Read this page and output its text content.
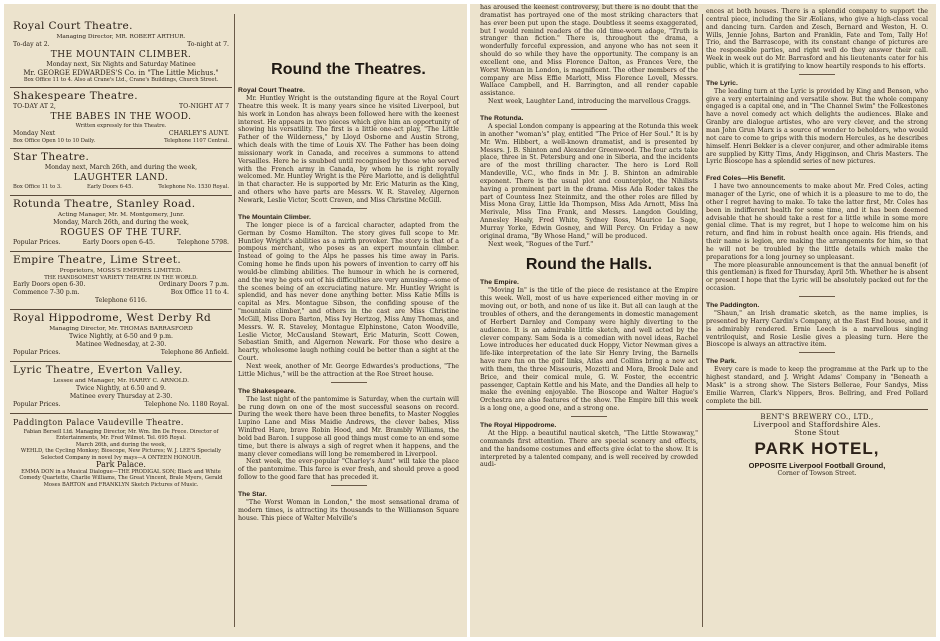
Royal Court Theatre.
Managing Director, MR. ROBERT ARTHUR.
To-day at 2.	To-night at 7.
THE MOUNTAIN CLIMBER.
Monday next, Six Nights and Saturday Matinee
Mr. GEORGE EDWARDES'S Co. in "The Little Michus."
Box Office 11 to 4. Also at Crane's Ltd., Crane's Buildings, Church Street.
Shakespeare Theatre.
TO-DAY AT 2,	TO-NIGHT AT 7
THE BABES IN THE WOOD.
Written expressly for this Theatre.
Monday Next	CHARLEY'S AUNT.
Box Office Open 10 to 10 Daily.	Telephone 1107 Central.
Star Theatre.
Monday next, March 26th, and during the week,
LAUGHTER LAND.
Box Office 11 to 3.	Early Doors 6-45.	Telephone No. 1530 Royal.
Rotunda Theatre, Stanley Road.
Acting Manager, Mr. M. Montgomery, Junr.
Monday, March 26th, and during the week,
ROGUES OF THE TURF.
Popular Prices.	Early Doors open 6-45.	Telephone 5798.
Empire Theatre, Lime Street.
Proprietors, MOSS'S EMPIRES LIMITED.
THE HANDSOMEST VARIETY THEATRE IN THE WORLD.
Early Doors open 6-30.	Ordinary Doors 7 p.m.
Commence 7-30 p.m.	Box Office 11 to 4.
Telephone 6116.
Royal Hippodrome, West Derby Rd
Managing Director, Mr. THOMAS BARRASFORD
Twice Nightly, at 6-50 and 9 p.m.
Matinee Wednesday, at 2-30.
Popular Prices.	Telephone 86 Anfield.
Lyric Theatre, Everton Valley.
Lessee and Manager, Mr. HARRY C. ARNOLD.
Twice Nightly, at 6.50 and 9.
Matinee every Thursday at 2-30.
Popular Prices.	Telephone No. 1180 Royal.
Paddington Palace Vaudeville Theatre.
Fabian Bersell Ltd. Managing Director, Mr. Wm. Ibn De Frece. Director of Entertainments, Mr. Fred Wilmot. Tel. 695 Royal.
March 26th, and during the week,
WEHLD, the Cycling Monkey; Bioscope, New Pictures; W. J. LEE'S Specially Selected Company in novel Ivy mays—A ONTEEN HONOUR.
Park Palace.
EMMA DON in a Musical Dialogue—THE PRODIGAL SON; Black and White Comedy Quartette, Charlie Williams, The Great Vincent, Brale Myers, Gerald Moses BARTON and FRANKLYN Sketch Pictures of Music.
Round the Theatres.
Royal Court Theatre.

Mr. Huntley Wright is the outstanding figure at the Royal Court Theatre this week. It is many years since he visited Liverpool, but his work in London has always been followed here with the keenest interest. He appears in two pieces which give him an opportunity of showing his versatility. The first is a little one-act play, "The Little Father of the Wilderness," by Lloyd Osborne and Austin Strong, which deals with the time of Louis XV. The Father has been doing missionary work in Canada, and receives a summons to attend Versailles. Here he is snubbed until recognised by those who served with the French army in Canada, by whom he is right royally welcomed. Mr. Huntley Wright is the Père Marlotte, and is delightful in that character. He is supported by Mr. Eric Maturin as the King, and others who have parts are Messrs. W. R. Staveley, Algernon Newark, Leslie Victor, Scott Craven, and Miss Christine McGill.

The Mountain Climber.

The longer piece is of a farcical character, adapted from the German by Cosmo Hamilton. The story gives full scope to Mr. Huntley Wright's abilities as a mirth provoker. The story is that of a pompous merchant, who poses as an expert mountain climber. Instead of going to the Alps he passes his time away in Paris. Coming home he finds upon his powers of invention to carry off his would-be climbing abilities. The humour in which he is cornered, and the way he gets out of his difficulties are very amusing—some of the scenes being of an excruciating nature. Mr. Huntley Wright is splendid, and has never done anything better. Miss Katie Mills is capital as Mrs. Montague Sibson, the confiding spouse of the "mountain climber," and others in the cast are Miss Christine McGill, Miss Dora Barton, Miss Ivy Hertzog, Miss Amy Thomas, and Messrs. W. R. Staveley, Montague Elphinstone, Caton Woodville, Leslie Victor, McCausland Stewart, Eric Maturin, Scott Cowen, Sebastian Smith, and Algernon Newark. For those who desire a hearty, wholesome laugh nothing could be better than a sight at the Court.

Next week, another of Mr. George Edwardes's productions, "The Little Michus," will be the attraction at the Roe Street house.

The Shakespeare.

The last night of the pantomime is Saturday, when the curtain will be rung down on one of the most successful seasons on record. During the week there have been three benefits, to Master Noggles Lupino Lane and Miss Maidie Andrews, the clever babes, Miss Winifred Hare, brave Robin Hood, and Mr. Brambly Williams, the bold bad Baron. I suppose all good things must come to an end some time, but there is always a sigh of regret when it happens, and the many clever comedians will long be remembered in Liverpool.

Next week, the ever-popular "Charley's Aunt" will take the place of the pantomime. This farce is ever fresh, and should prove a good follow to the good fare that has preceded it.

The Star.

"The Worst Woman in London," the most sensational drama of modern times, is attracting its thousands to the Williamson Square house. This piece of Walter Melville's

has aroused the keenest controversy, but there is no doubt that the dramatist has portrayed one of the most striking characters that has ever been put upon the stage. Doubtless it seems exaggerated, but I would remind readers of the old time-worn adage, "Truth is stranger than fiction." There is, throughout the drama, a wonderfully forceful expression, and anyone who has not seen it should do so while they have the opportunity. The company is an excellent one, and Miss Florence Dalton, as Frances Vere, the Worst Woman in London, is magnificent. The other members of the company are Miss Effie Marlott, Miss Florence Lovell, Messrs. Wallace Campbell, and H. Barrington, and all render capable assistance.

Next week, Laughter Land, introducing the marvellous Craggs.

The Rotunda.

A special London company is appearing at the Rotunda this week in another "woman's" play, entitled "The Price of Her Soul." It is by Mr. Wm. Hibbert, a well-known dramatist, and is presented by Messrs. J. B. Shinton and Alexander Greenwood. The four acts take place, three in St. Petersburg and one in Siberia, and the incidents are of the most thrilling character. The hero is Lord Roll Mandeville, V.C., who finds in Mr. J. B. Shinton an admirable exponent. There is the usual plot and counterplot, the Nihilists having a prominent part in the drama. Miss Ada Roder takes the part of Countess Inez Steinmitz, and the other roles are filled by Miss Mona Gray, Little Ida Thompson, Miss Ada Arnott, Miss Ina Merivale, Miss Tina Frank, and Messrs. Langdon Goulding, Annesley Healy, Fred White, Sydney Ross, Maurice Le Sage, Murray Yorke, Edwin Gosney, and Will Percy. On Friday a new original drama, "By Whose Hand," will be produced.

Next week, "Rogues of the Turf."

Round the Halls.
The Empire.

"Moving In" is the title of the piece de resistance at the Empire this week. Well, most of us have experienced either moving in or moving out, or both, and none of us like it. But all can laugh at the troubles of others, and the derangements in domestic management of Herbert Darnley and Company were highly diverting to the audience. It is an admirable little sketch, and well acted by the clever company. Sam Soda is a comedian with novel ideas, Rachel Lowe introduces her educated duck Hoppy, Victor Newman gives a life-like interpretation of the late Sir Henry Irving, the Barnells have rare fun on the golf links, Atlas and Collins bring a new act with them, the three Missouris, Mozetti and Mora, Brook Dale and Brice, and their comical mule, G. W. Foster, the eccentric passenger, Captain Kettle and his Mate, and the Dandies all help to make the evening enjoyable. The Bioscope and Walter Hague's Orchestra are also features of the show. The Empire bill this week is a long one, a good one, and a strong one.

The Royal Hippodrome.

At the Hipp. a beautiful nautical sketch, "The Little Stowaway," commands first attention. There are special scenery and effects, and the handsome costumes and effects give éclat to the show. It is interpreted by a talented company, and is well received by crowded audi-

ences at both houses. There is a splendid company to support the central piece, including the Sir Æolians, who give a high-class vocal and dancing turn. Carden and Zesch, Bernard and Weston, H. O. Wills, Jennie Johns, Barton and Franklin, Fate and Tom, Tally Ho! Trio, and the Barrascope, with its constant change of pictures are the responsible parties, and right well do they answer their call. Week in week out do Mr. Barrasford and his lieutenants cater for his public, which it is gratifying to know heartily responds to his efforts.

The Lyric.

The leading turn at the Lyric is provided by King and Benson, who give a very entertaining and versatile show. But the whole company engaged is a capital one, and in "The Channel Swim" the Folkestones have a novel comedy act which delights the audiences. Blake and Granby are dialogue artistes, who are very clever, and the strong man John Grun Marx is a source of wonder to beholders, who would not care to come to grips with this modern Hercules, as he describes himself. Henri Bekker is a clever conjurer, and other admirable items are supplied by Kitty Tims, Andy Higginson, and Chris Masters. The Lyric Bioscope has a splendid series of new pictures.

Fred Coles—His Benefit.

I have two announcements to make about Mr. Fred Coles, acting manager of the Lyric, one of which it is a pleasure to me to do, the other I regret having to make. To take the latter first, Mr. Coles has been in indifferent health for some time, and it has been deemed advisable that he should take a rest for a little while in some more genial clime. That is my regret, but I hope to welcome him on his return, and find him in robust health once again. His friends, and their name is legion, are making the arrangements for him, so that he will not be troubled by the little details which make the preparations for a long journey so unpleasant.

The more pleasurable announcement is that the annual benefit (of this gentleman) is fixed for Thursday, April 5th. Whether he is absent or present I hope that the Lyric will be absolutely packed out for the occasion.

The Paddington.

"Shaun," an Irish dramatic sketch, as the name implies, is presented by Harry Cardin's Company, at the East End house, and it is admirably rendered. Ernie Leech is a marvellous singing ventriloquist, and Rosie Leslie gives a pleasing turn. Here the Bioscope is always an attractive item.

The Park.

Every care is made to keep the programme at the Park up to the highest standard, and J. Wright Adams' Company in "Beneath a Mask" is a strong show. The Sisters Bellerae, Four Sandys, Miss Emilie Warren, Clark's Nippers, Bros. Bellring, and Fred Pollard complete the bill.

BENT'S BREWERY CO., LTD.,
Liverpool and Staffordshire Ales.
Stone Stout
PARK HOTEL,
OPPOSITE Liverpool Football Ground,
Corner of Towson Street.
